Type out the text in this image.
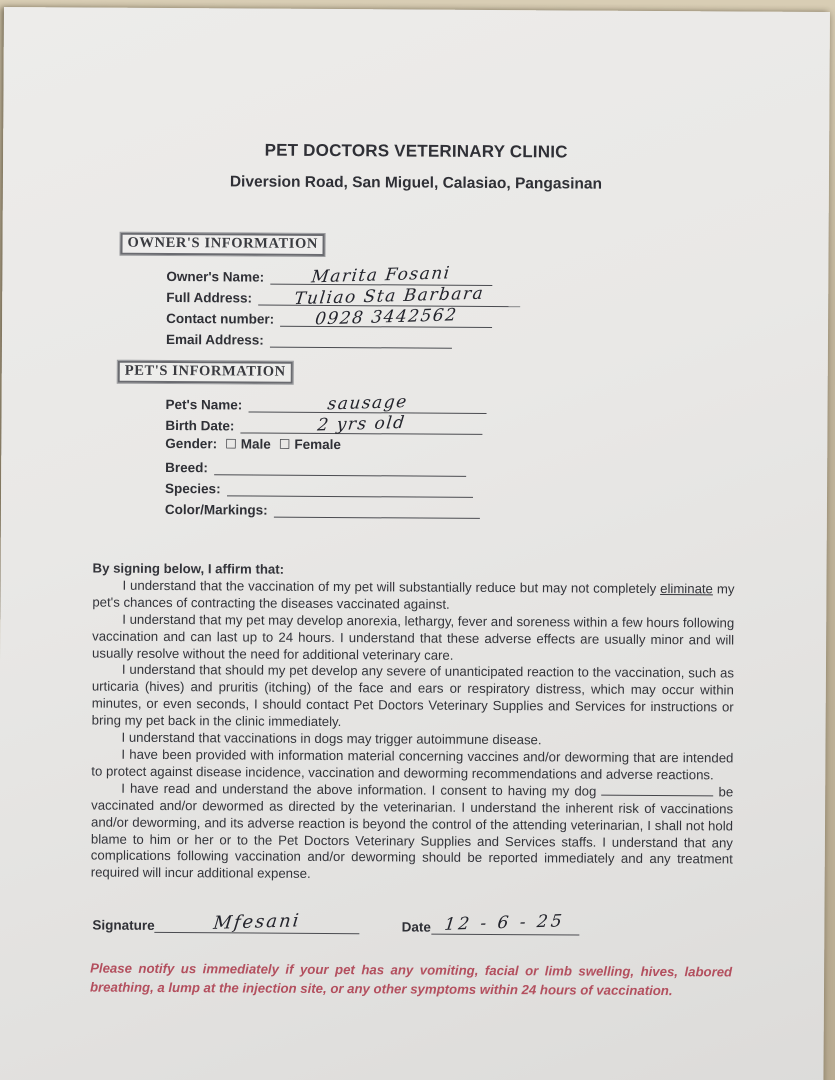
PET DOCTORS VETERINARY CLINIC
Diversion Road, San Miguel, Calasiao, Pangasinan
OWNER'S INFORMATION
Owner's Name:	Marita Fosani
Full Address:	Tuliao Sta Barbara
Contact number:	0928 3442562
Email Address:
PET'S INFORMATION
Pet's Name:	sausage
Birth Date:	2 yrs old
Gender: ☐ Male ☐ Female
Breed:
Species:
Color/Markings:
By signing below, I affirm that:

I understand that the vaccination of my pet will substantially reduce but may not completely eliminate my pet's chances of contracting the diseases vaccinated against.

I understand that my pet may develop anorexia, lethargy, fever and soreness within a few hours following vaccination and can last up to 24 hours. I understand that these adverse effects are usually minor and will usually resolve without the need for additional veterinary care.

I understand that should my pet develop any severe of unanticipated reaction to the vaccination, such as urticaria (hives) and pruritis (itching) of the face and ears or respiratory distress, which may occur within minutes, or even seconds, I should contact Pet Doctors Veterinary Supplies and Services for instructions or bring my pet back in the clinic immediately.

I understand that vaccinations in dogs may trigger autoimmune disease.

I have been provided with information material concerning vaccines and/or deworming that are intended to protect against disease incidence, vaccination and deworming recommendations and adverse reactions.

I have read and understand the above information. I consent to having my dog	be vaccinated and/or dewormed as directed by the veterinarian. I understand the inherent risk of vaccinations and/or deworming, and its adverse reaction is beyond the control of the attending veterinarian, I shall not hold blame to him or her or to the Pet Doctors Veterinary Supplies and Services staffs. I understand that any complications following vaccination and/or deworming should be reported immediately and any treatment required will incur additional expense.

Signature	Mfesani	Date 12 - 6 - 25
Please notify us immediately if your pet has any vomiting, facial or limb swelling, hives, labored breathing, a lump at the injection site, or any other symptoms within 24 hours of vaccination.
